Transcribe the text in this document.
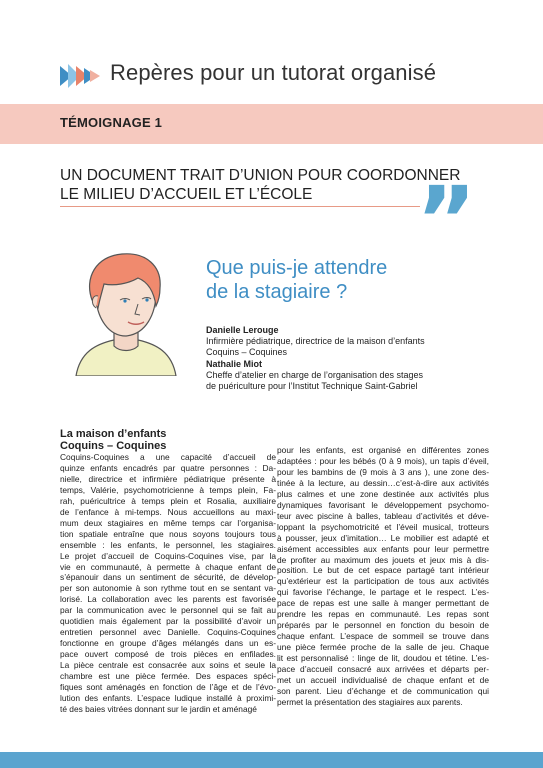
Repères pour un tutorat organisé
TÉMOIGNAGE 1
UN DOCUMENT TRAIT D’UNION POUR COORDONNER
LE MILIEU D’ACCUEIL ET L’ÉCOLE	”
Que puis-je attendre
de la stagiaire ?
Danielle Lerouge
Infirmière pédiatrique, directrice de la maison d’enfants
Coquins – Coquines
Nathalie Miot
Cheffe d’atelier en charge de l’organisation des stages
de puériculture pour l’Institut Technique Saint-Gabriel
La maison d’enfants
Coquins – Coquines
Coquins-Coquines a une capacité d’accueil de
quinze enfants encadrés par quatre personnes : Da-
nielle, directrice et infirmière pédiatrique présente à
temps, Valérie, psychomotricienne à temps plein, Fa-
rah, puéricultrice à temps plein et Rosalia, auxiliaire
de l’enfance à mi-temps. Nous accueillons au maxi-
mum deux stagiaires en même temps car l’organisa-
tion spatiale entraîne que nous soyons toujours tous
ensemble : les enfants, le personnel, les stagiaires.
Le projet d’accueil de Coquins-Coquines vise, par la
vie en communauté, à permette à chaque enfant de
s’épanouir dans un sentiment de sécurité, de dévelop-
per son autonomie à son rythme tout en se sentant va-
lorisé. La collaboration avec les parents est favorisée
par la communication avec le personnel qui se fait au
quotidien mais également par la possibilité d’avoir un
entretien personnel avec Danielle. Coquins-Coquines
fonctionne en groupe d’âges mélangés dans un es-
pace ouvert composé de trois pièces en enfilades.
La pièce centrale est consacrée aux soins et seule la
chambre est une pièce fermée. Des espaces spéci-
fiques sont aménagés en fonction de l’âge et de l’évo-
lution des enfants. L’espace ludique installé à proximi-
té des baies vitrées donnant sur le jardin et aménagé
pour les enfants, est organisé en différentes zones
adaptées : pour les bébés (0 à 9 mois), un tapis d’éveil,
pour les bambins de (9 mois à 3 ans ), une zone des-
tinée à la lecture, au dessin…c’est-à-dire aux activités
plus calmes et une zone destinée aux activités plus
dynamiques favorisant le développement psychomo-
teur avec piscine à balles, tableau d’activités et déve-
loppant la psychomotricité et l’éveil musical, trotteurs
à pousser, jeux d’imitation… Le mobilier est adapté et
aisément accessibles aux enfants pour leur permettre
de profiter au maximum des jouets et jeux mis à dis-
position. Le but de cet espace partagé tant intérieur
qu’extérieur est la participation de tous aux activités
qui favorise l’échange, le partage et le respect. L’es-
pace de repas est une salle à manger permettant de
prendre les repas en communauté. Les repas sont
préparés par le personnel en fonction du besoin de
chaque enfant. L’espace de sommeil se trouve dans
une pièce fermée proche de la salle de jeu. Chaque
lit est personnalisé : linge de lit, doudou et tétine. L’es-
pace d’accueil consacré aux arrivées et départs per-
met un accueil individualisé de chaque enfant et de
son parent. Lieu d’échange et de communication qui
permet la présentation des stagiaires aux parents.
